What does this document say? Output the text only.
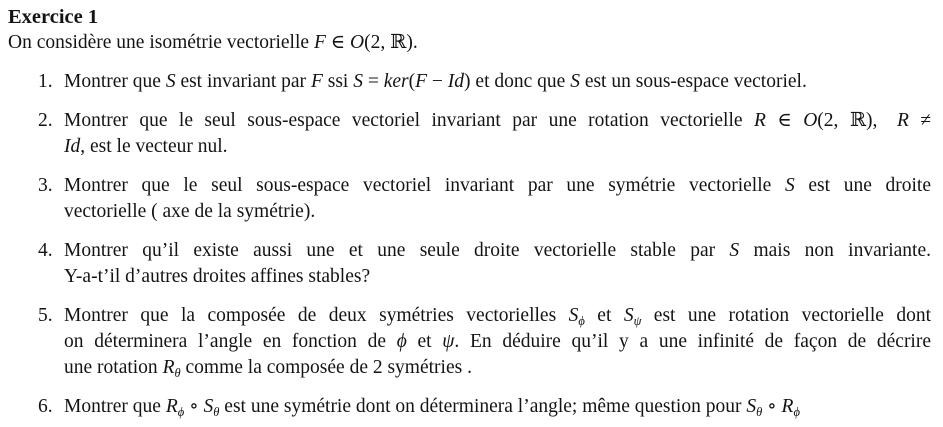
Exercice 1
On considère une isométrie vectorielle F ∈ O(2, ℝ).
1. Montrer que S est invariant par F ssi S = ker(F − Id) et donc que S est un sous-espace vectoriel.
2. Montrer que le seul sous-espace vectoriel invariant par une rotation vectorielle R ∈ O(2, ℝ), R ≠
Id, est le vecteur nul.
3. Montrer que le seul sous-espace vectoriel invariant par une symétrie vectorielle S est une droite
vectorielle ( axe de la symétrie).
4. Montrer qu’il existe aussi une et une seule droite vectorielle stable par S mais non invariante.
Y-a-t’il d’autres droites affines stables?
5. Montrer que la composée de deux symétries vectorielles $S_\phi$ et $S_\psi$ est une rotation vectorielle dont
on déterminera l’angle en fonction de ϕ et ψ. En déduire qu’il y a une infinité de façon de décrire
une rotation $R_\theta$ comme la composée de 2 symétries .
6. Montrer que $R_\phi$ ∘ $S_\theta$ est une symétrie dont on déterminera l’angle; même question pour $S_\theta$ ∘ $R_\phi$
